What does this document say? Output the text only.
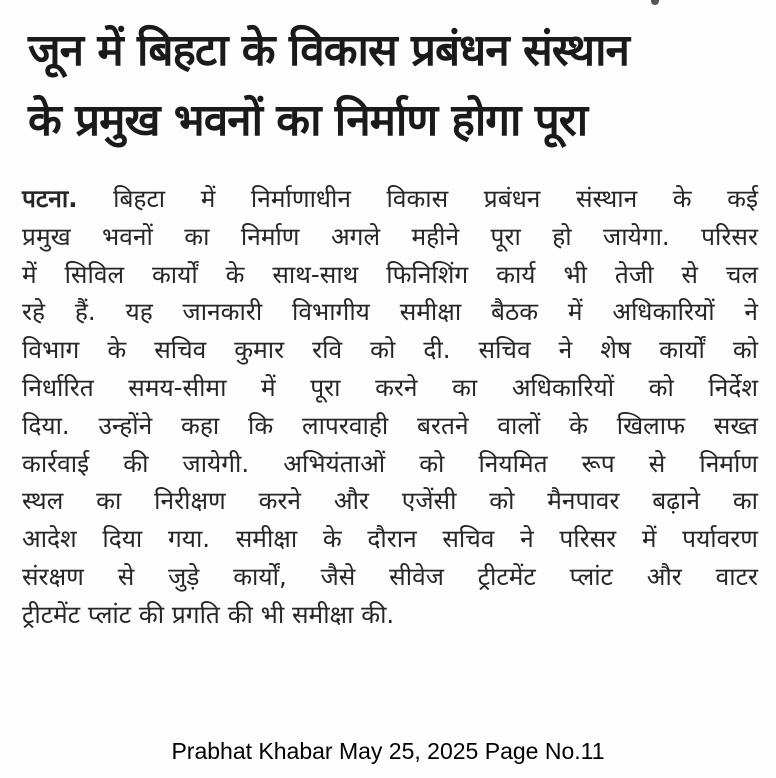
जून में बिहटा के विकास प्रबंधन संस्थान
के प्रमुख भवनों का निर्माण होगा पूरा
पटना. बिहटा में निर्माणाधीन विकास प्रबंधन संस्थान के कई
प्रमुख भवनों का निर्माण अगले महीने पूरा हो जायेगा. परिसर
में सिविल कार्यों के साथ-साथ फिनिशिंग कार्य भी तेजी से चल
रहे हैं. यह जानकारी विभागीय समीक्षा बैठक में अधिकारियों ने
विभाग के सचिव कुमार रवि को दी. सचिव ने शेष कार्यों को
निर्धारित समय-सीमा में पूरा करने का अधिकारियों को निर्देश
दिया. उन्होंने कहा कि लापरवाही बरतने वालों के खिलाफ सख्त
कार्रवाई की जायेगी. अभियंताओं को नियमित रूप से निर्माण
स्थल का निरीक्षण करने और एजेंसी को मैनपावर बढ़ाने का
आदेश दिया गया. समीक्षा के दौरान सचिव ने परिसर में पर्यावरण
संरक्षण से जुड़े कार्यों, जैसे सीवेज ट्रीटमेंट प्लांट और वाटर
ट्रीटमेंट प्लांट की प्रगति की भी समीक्षा की.
Prabhat Khabar May 25, 2025 Page No.11
